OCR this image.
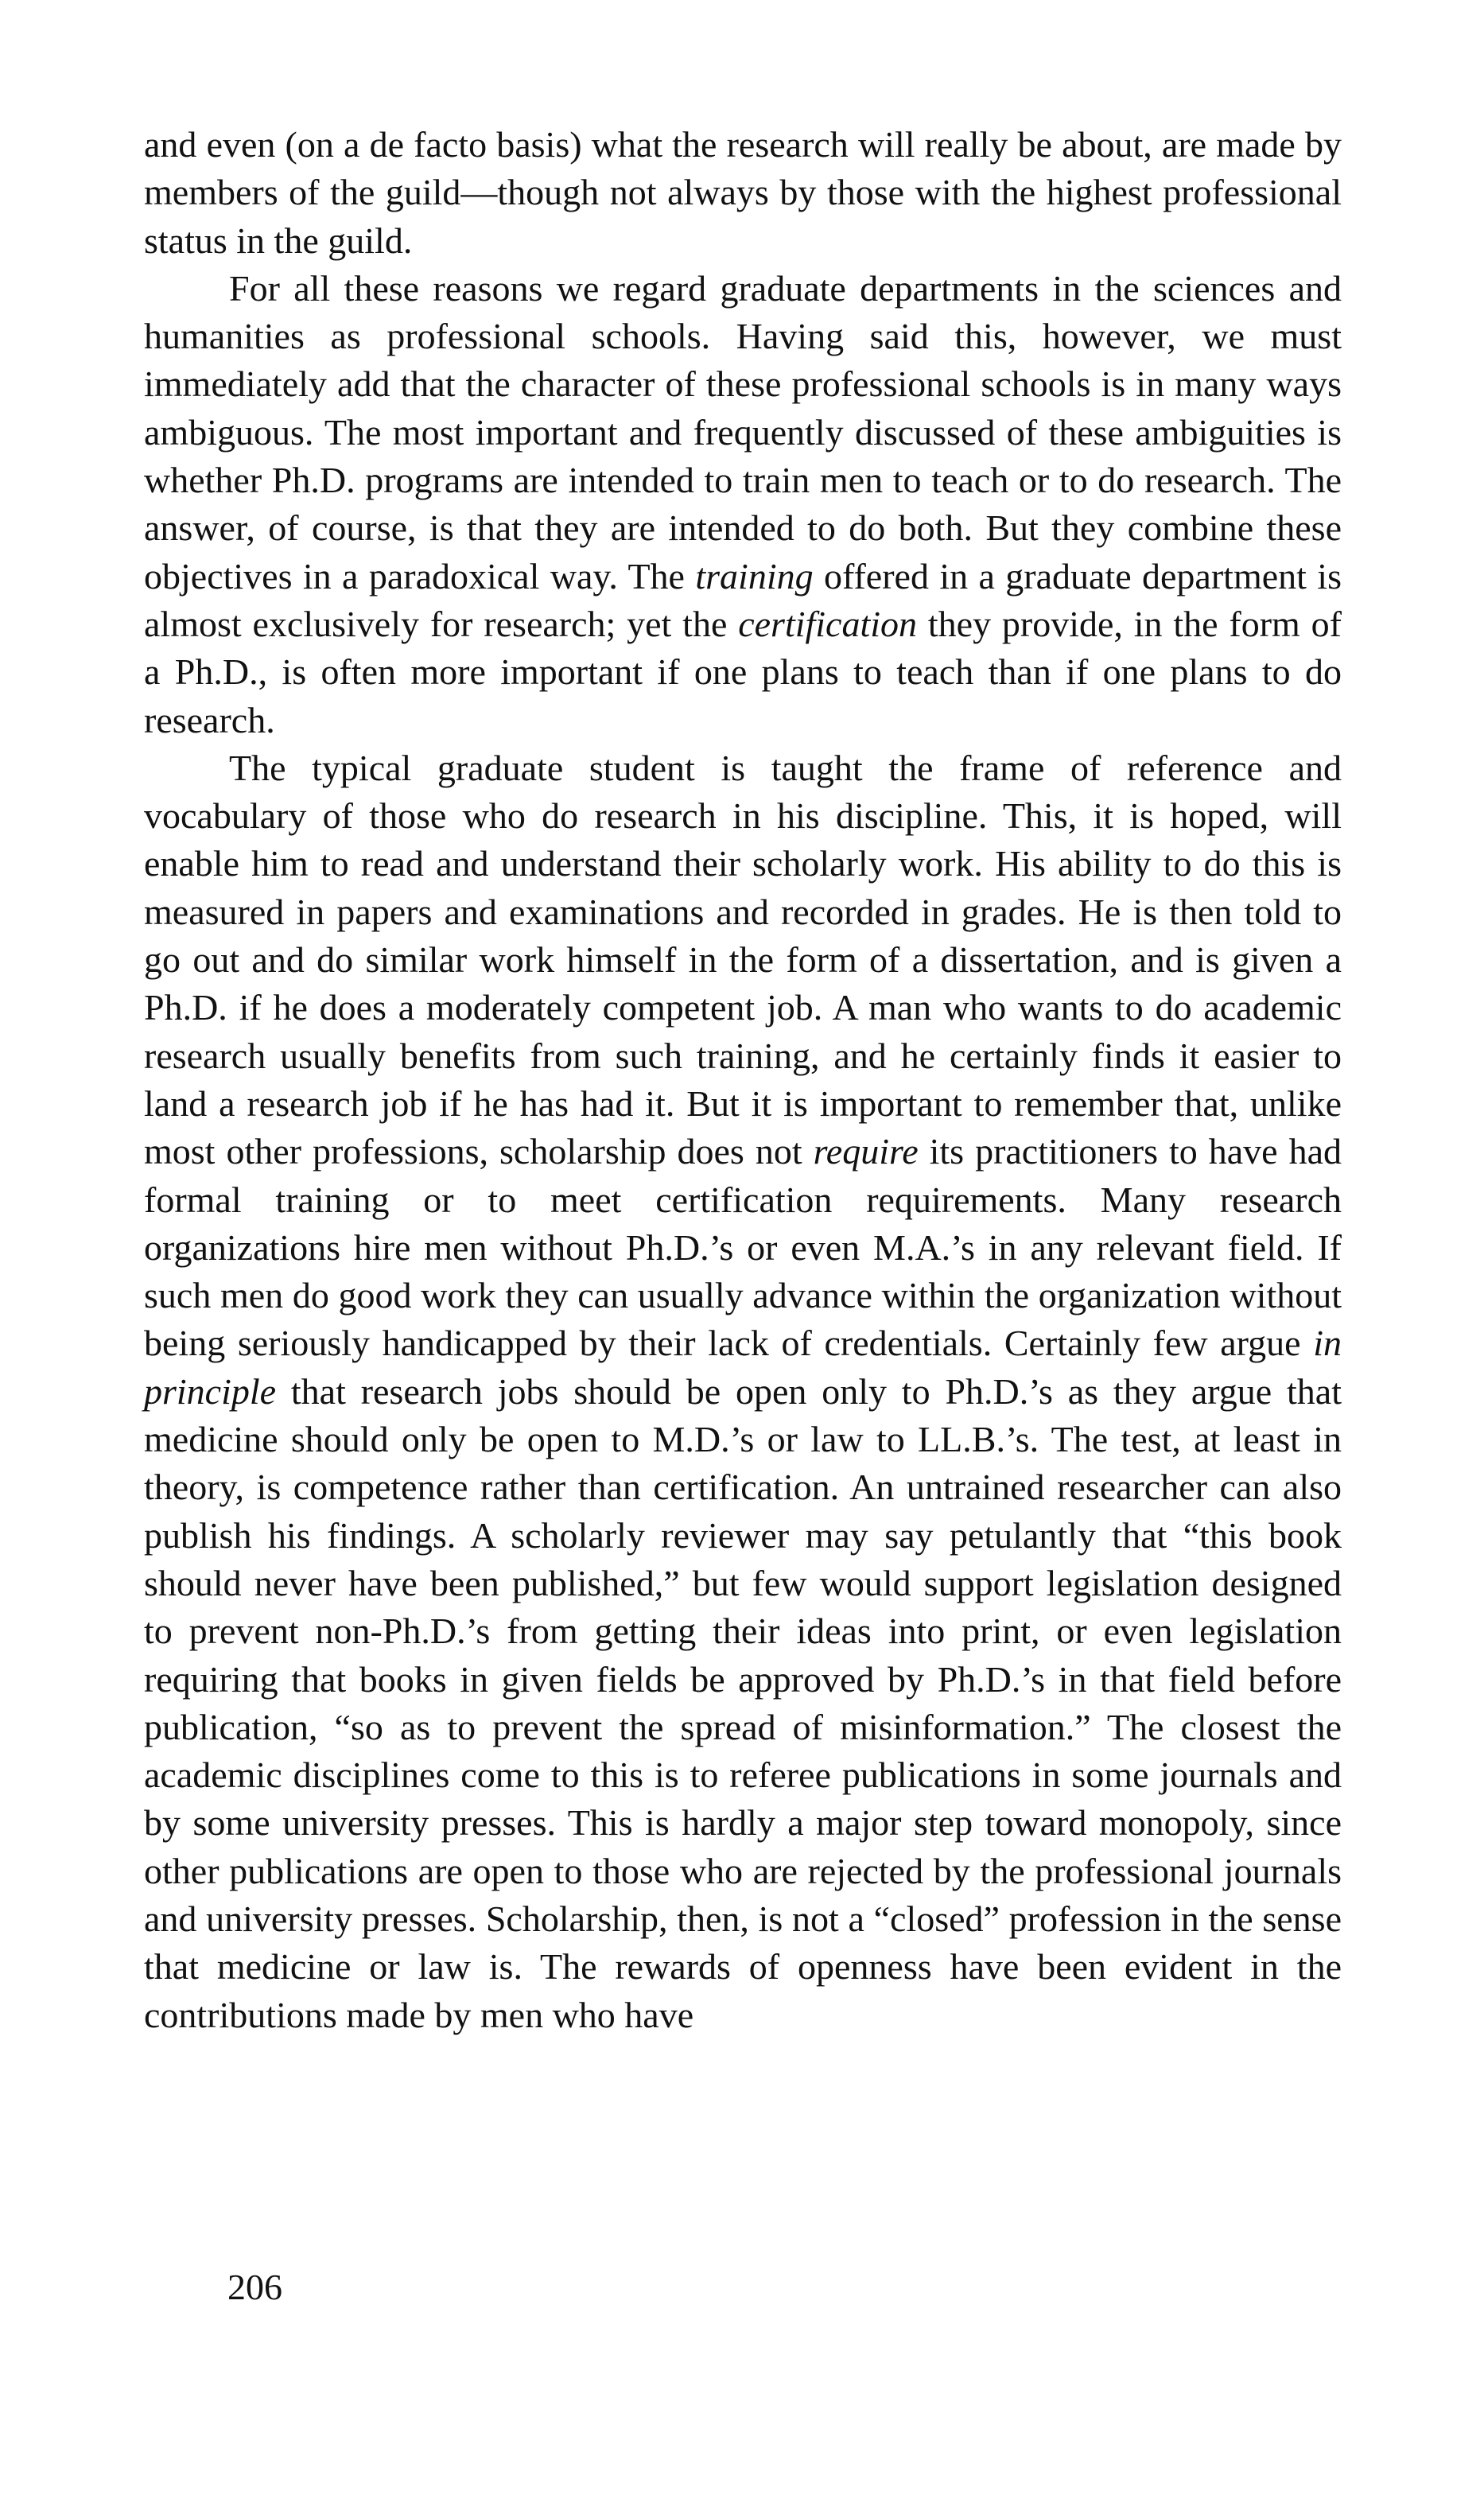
and even (on a de facto basis) what the research will really be about, are made by members of the guild—though not always by those with the highest professional status in the guild.

For all these reasons we regard graduate departments in the sciences and humanities as professional schools. Having said this, however, we must immediately add that the character of these professional schools is in many ways ambiguous. The most important and frequently discussed of these ambiguities is whether Ph.D. programs are intended to train men to teach or to do research. The answer, of course, is that they are intended to do both. But they combine these objectives in a paradoxical way. The training offered in a graduate department is almost exclusively for research; yet the certification they provide, in the form of a Ph.D., is often more important if one plans to teach than if one plans to do research.

The typical graduate student is taught the frame of reference and vocabulary of those who do research in his discipline. This, it is hoped, will enable him to read and understand their scholarly work. His ability to do this is measured in papers and examinations and recorded in grades. He is then told to go out and do similar work himself in the form of a dissertation, and is given a Ph.D. if he does a moderately competent job. A man who wants to do academic research usually benefits from such training, and he certainly finds it easier to land a research job if he has had it. But it is important to remember that, unlike most other professions, scholarship does not require its practitioners to have had formal training or to meet certification requirements. Many research organizations hire men without Ph.D.’s or even M.A.’s in any relevant field. If such men do good work they can usually advance within the organization without being seriously handicapped by their lack of credentials. Certainly few argue in principle that research jobs should be open only to Ph.D.’s as they argue that medicine should only be open to M.D.’s or law to LL.B.’s. The test, at least in theory, is competence rather than certification. An untrained researcher can also publish his findings. A scholarly reviewer may say petulantly that “this book should never have been published,” but few would support legislation designed to prevent non-Ph.D.’s from getting their ideas into print, or even legislation requiring that books in given fields be approved by Ph.D.’s in that field before publication, “so as to prevent the spread of misinformation.” The closest the academic disciplines come to this is to referee publications in some journals and by some university presses. This is hardly a major step toward monopoly, since other publications are open to those who are rejected by the professional journals and university presses. Scholarship, then, is not a “closed” profession in the sense that medicine or law is. The rewards of openness have been evident in the contributions made by men who have

206
